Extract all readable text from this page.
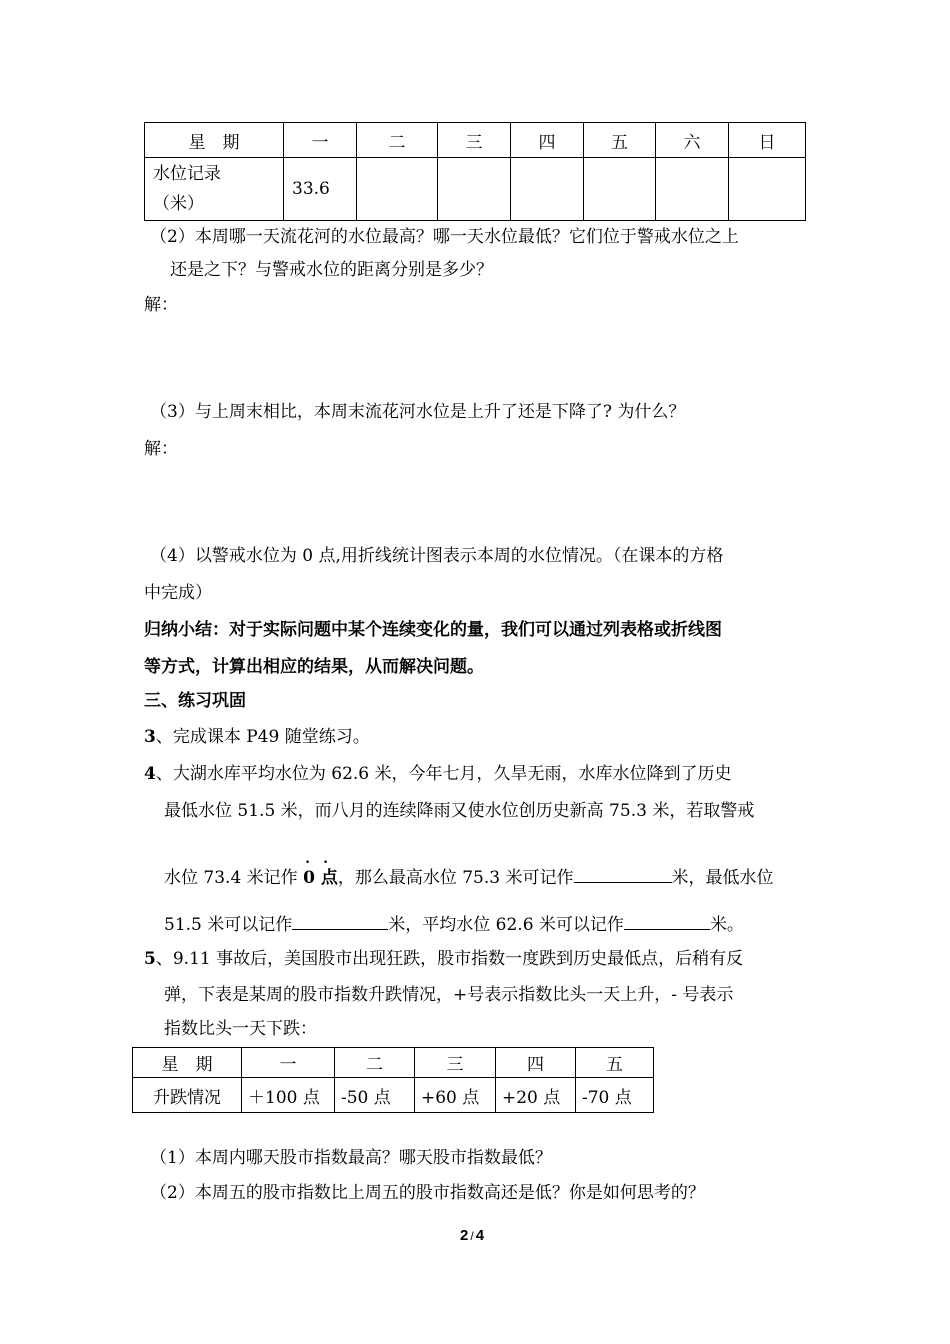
星　期	一	二	三	四	五	六	日

水位记录
（米）	33.6						
（2）本周哪一天流花河的水位最高？哪一天水位最低？它们位于警戒水位之上
还是之下？与警戒水位的距离分别是多少？
解：
（3）与上周末相比，本周末流花河水位是上升了还是下降了? 为什么？
解：
（4）以警戒水位为 0 点,用折线统计图表示本周的水位情况。（在课本的方格
中完成）
归纳小结：对于实际问题中某个连续变化的量，我们可以通过列表格或折线图
等方式，计算出相应的结果，从而解决问题。
三、练习巩固
3、完成课本 P49 随堂练习。
4、大湖水库平均水位为 62.6 米，今年七月，久旱无雨，水库水位降到了历史
最低水位 51.5 米，而八月的连续降雨又使水位创历史新高 75.3 米，若取警戒
水位 73.4 米记作
. .
0 点，那么最高水位 75.3 米可记作	米，最低水位
51.5 米可以记作	米，平均水位 62.6 米可以记作	米。
5、9.11 事故后，美国股市出现狂跌，股市指数一度跌到历史最低点，后稍有反
弹，下表是某周的股市指数升跌情况，+号表示指数比头一天上升，- 号表示
指数比头一天下跌：
星　期	一	二	三	四	五
升跌情况	＋100 点	-50 点	+60 点	+20 点	-70 点
（1）本周内哪天股市指数最高？哪天股市指数最低？
（2）本周五的股市指数比上周五的股市指数高还是低？你是如何思考的？
2 / 4
